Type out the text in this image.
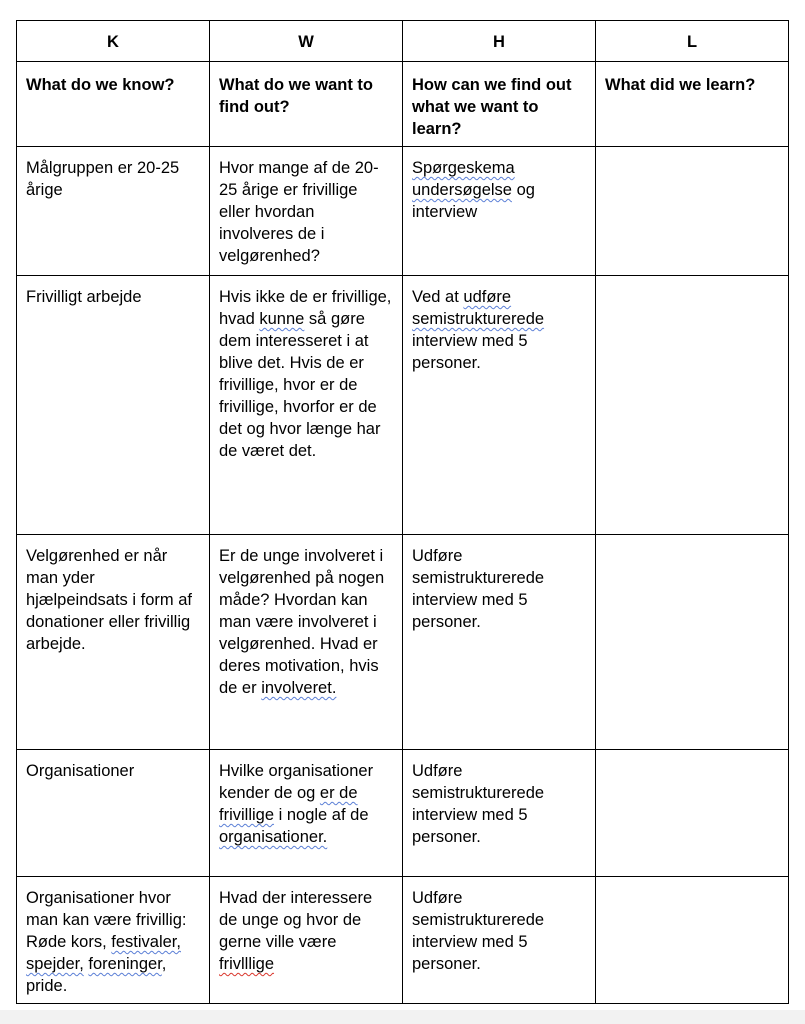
K	W	H	L
What do we know?	What do we want to find out?	How can we find out what we want to learn?	What did we learn?
Målgruppen er 20-25 årige	Hvor mange af de 20-25 årige er frivillige eller hvordan involveres de i velgørenhed?	Spørgeskema undersøgelse og interview	
Frivilligt arbejde	Hvis ikke de er frivillige, hvad kunne så gøre dem interesseret i at blive det. Hvis de er frivillige, hvor er de frivillige, hvorfor er de det og hvor længe har de været det.	Ved at udføre semistrukturerede interview med 5 personer.	
Velgørenhed er når man yder hjælpeindsats i form af donationer eller frivillig arbejde.	Er de unge involveret i velgørenhed på nogen måde? Hvordan kan man være involveret i velgørenhed. Hvad er deres motivation, hvis de er involveret.	Udføre semistrukturerede interview med 5 personer.	
Organisationer	Hvilke organisationer kender de og er de frivillige i nogle af de organisationer.	Udføre semistrukturerede interview med 5 personer.	
Organisationer hvor man kan være frivillig: Røde kors, festivaler, spejder, foreninger, pride.	Hvad der interessere de unge og hvor de gerne ville være frivlllige	Udføre semistrukturerede interview med 5 personer.	
